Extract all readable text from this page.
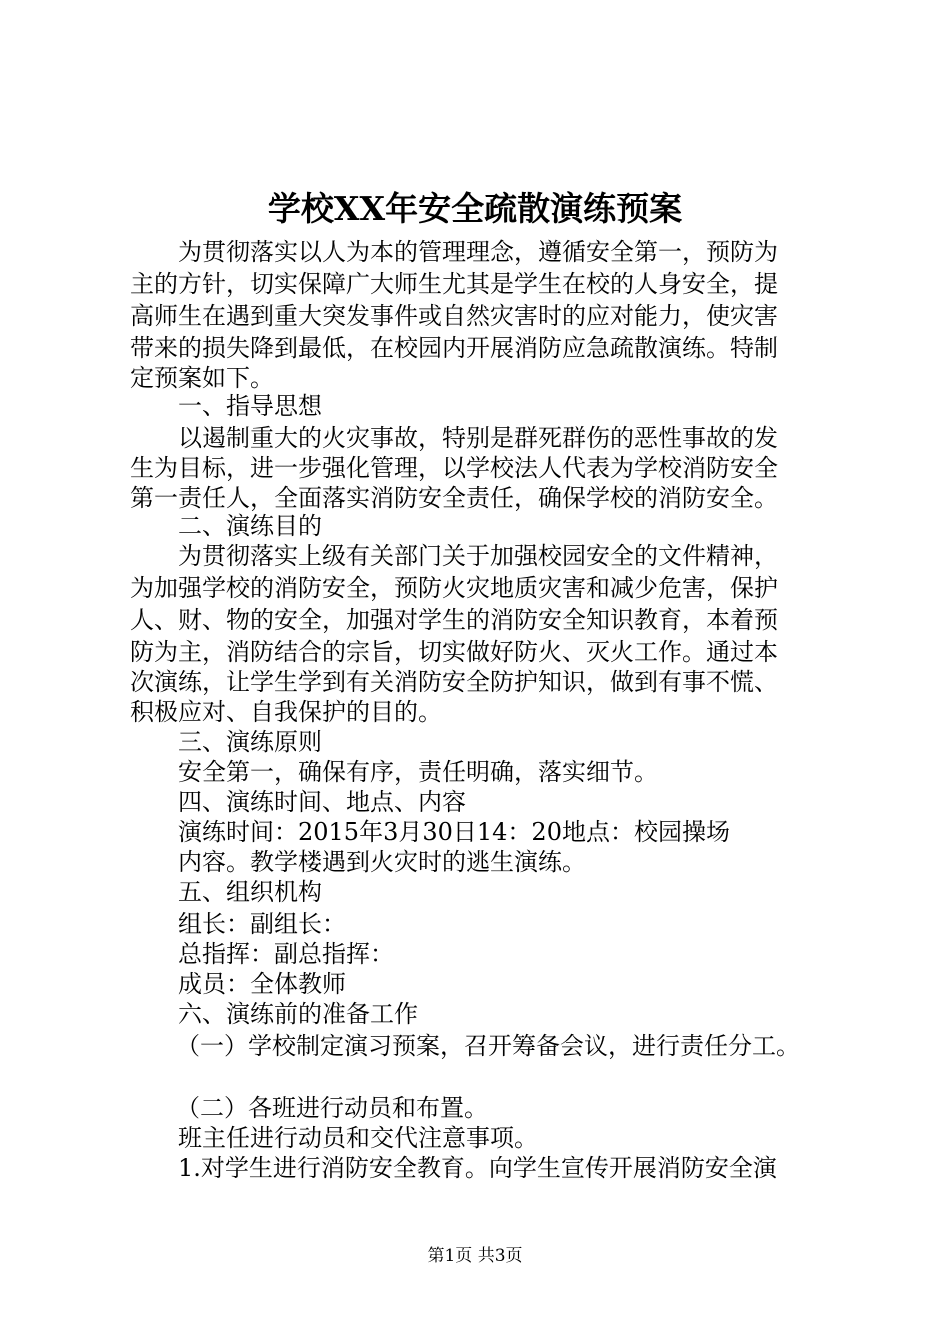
学校XX年安全疏散演练预案
为贯彻落实以人为本的管理理念，遵循安全第一，预防为
主的方针，切实保障广大师生尤其是学生在校的人身安全，提
高师生在遇到重大突发事件或自然灾害时的应对能力，使灾害
带来的损失降到最低，在校园内开展消防应急疏散演练。特制
定预案如下。
一、指导思想
以遏制重大的火灾事故，特别是群死群伤的恶性事故的发
生为目标，进一步强化管理，以学校法人代表为学校消防安全
第一责任人，全面落实消防安全责任，确保学校的消防安全。
二、演练目的
为贯彻落实上级有关部门关于加强校园安全的文件精神，
为加强学校的消防安全，预防火灾地质灾害和减少危害，保护
人、财、物的安全，加强对学生的消防安全知识教育，本着预
防为主，消防结合的宗旨，切实做好防火、灭火工作。通过本
次演练，让学生学到有关消防安全防护知识，做到有事不慌、
积极应对、自我保护的目的。
三、演练原则
安全第一，确保有序，责任明确，落实细节。
四、演练时间、地点、内容
演练时间：2015年3月30日14：20地点：校园操场
内容。教学楼遇到火灾时的逃生演练。
五、组织机构
组长：副组长：
总指挥：副总指挥：
成员：全体教师
六、演练前的准备工作
（一）学校制定演习预案，召开筹备会议，进行责任分工。
（二）各班进行动员和布置。
班主任进行动员和交代注意事项。
1.对学生进行消防安全教育。向学生宣传开展消防安全演
第1页 共3页
